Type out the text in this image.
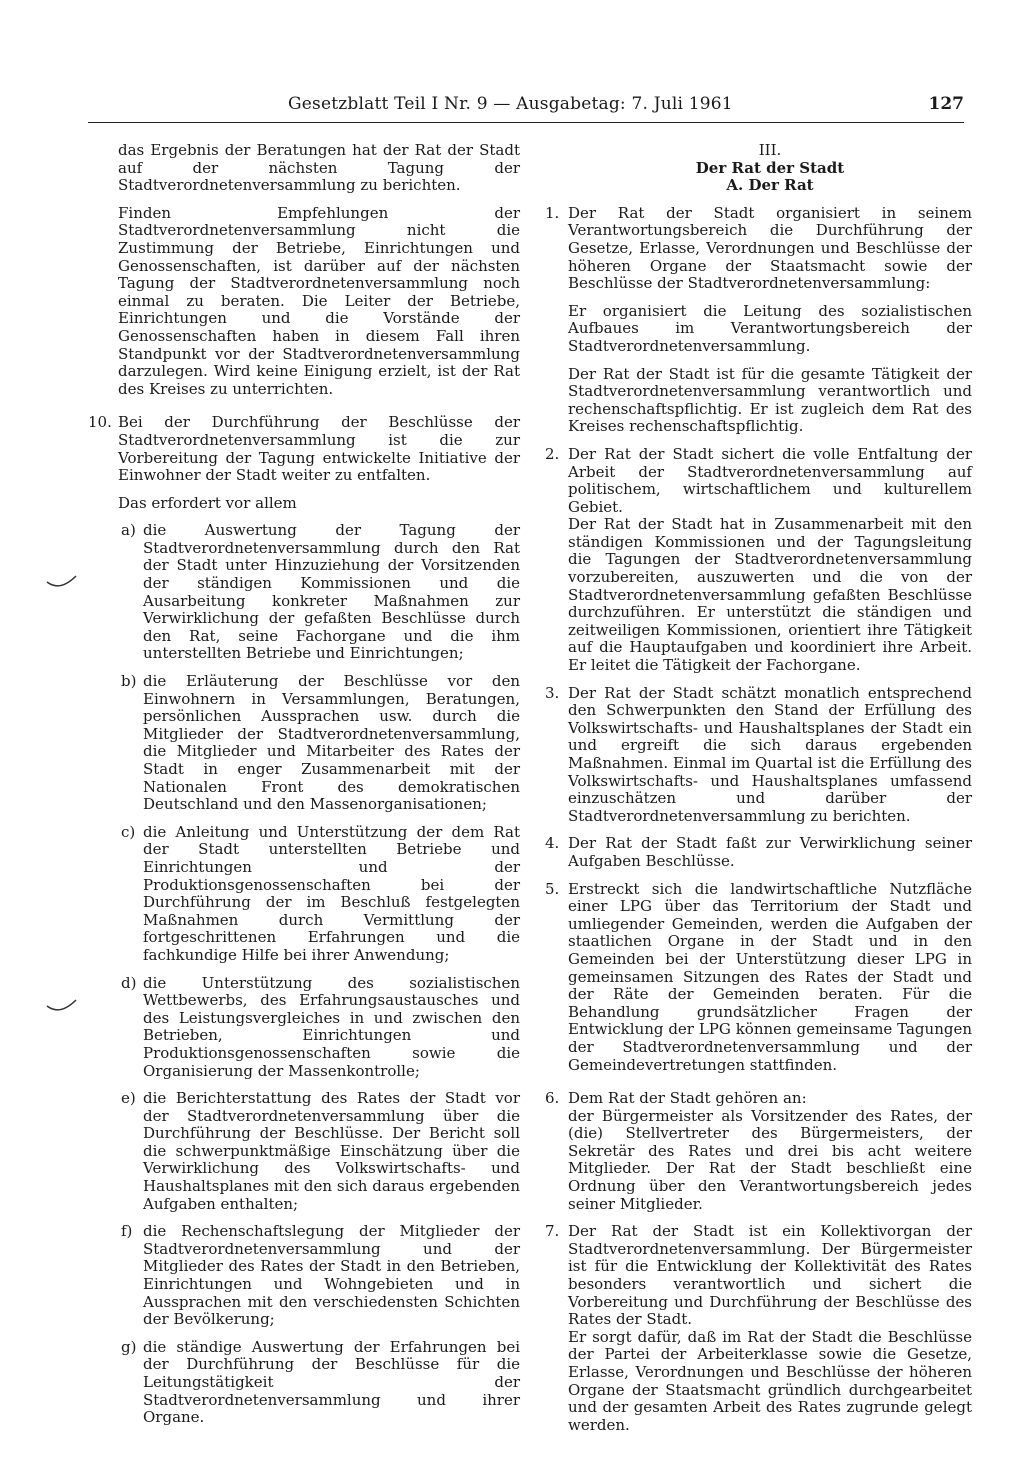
Gesetzblatt Teil I Nr. 9 — Ausgabetag: 7. Juli 1961	127

das Ergebnis der Beratungen hat der Rat der Stadt auf der nächsten Tagung der Stadtverordnetenversammlung zu berichten.

Finden Empfehlungen der Stadtverordnetenversammlung nicht die Zustimmung der Betriebe, Einrichtungen und Genossenschaften, ist darüber auf der nächsten Tagung der Stadtverordnetenversammlung noch einmal zu beraten. Die Leiter der Betriebe, Einrichtungen und die Vorstände der Genossenschaften haben in diesem Fall ihren Standpunkt vor der Stadtverordnetenversammlung darzulegen. Wird keine Einigung erzielt, ist der Rat des Kreises zu unterrichten.

10. Bei der Durchführung der Beschlüsse der Stadtverordnetenversammlung ist die zur Vorbereitung der Tagung entwickelte Initiative der Einwohner der Stadt weiter zu entfalten.

Das erfordert vor allem

a) die Auswertung der Tagung der Stadtverordnetenversammlung durch den Rat der Stadt unter Hinzuziehung der Vorsitzenden der ständigen Kommissionen und die Ausarbeitung konkreter Maßnahmen zur Verwirklichung der gefaßten Beschlüsse durch den Rat, seine Fachorgane und die ihm unterstellten Betriebe und Einrichtungen;

b) die Erläuterung der Beschlüsse vor den Einwohnern in Versammlungen, Beratungen, persönlichen Aussprachen usw. durch die Mitglieder der Stadtverordnetenversammlung, die Mitglieder und Mitarbeiter des Rates der Stadt in enger Zusammenarbeit mit der Nationalen Front des demokratischen Deutschland und den Massenorganisationen;

c) die Anleitung und Unterstützung der dem Rat der Stadt unterstellten Betriebe und Einrichtungen und der Produktionsgenossenschaften bei der Durchführung der im Beschluß festgelegten Maßnahmen durch Vermittlung der fortgeschrittenen Erfahrungen und die fachkundige Hilfe bei ihrer Anwendung;

d) die Unterstützung des sozialistischen Wettbewerbs, des Erfahrungsaustausches und des Leistungsvergleiches in und zwischen den Betrieben, Einrichtungen und Produktionsgenossenschaften sowie die Organisierung der Massenkontrolle;

e) die Berichterstattung des Rates der Stadt vor der Stadtverordnetenversammlung über die Durchführung der Beschlüsse. Der Bericht soll die schwerpunktmäßige Einschätzung über die Verwirklichung des Volkswirtschafts- und Haushaltsplanes mit den sich daraus ergebenden Aufgaben enthalten;

f) die Rechenschaftslegung der Mitglieder der Stadtverordnetenversammlung und der Mitglieder des Rates der Stadt in den Betrieben, Einrichtungen und Wohngebieten und in Aussprachen mit den verschiedensten Schichten der Bevölkerung;

g) die ständige Auswertung der Erfahrungen bei der Durchführung der Beschlüsse für die Leitungstätigkeit der Stadtverordnetenversammlung und ihrer Organe.

III.

Der Rat der Stadt

A. Der Rat

1. Der Rat der Stadt organisiert in seinem Verantwortungsbereich die Durchführung der Gesetze, Erlasse, Verordnungen und Beschlüsse der höheren Organe der Staatsmacht sowie der Beschlüsse der Stadtverordnetenversammlung:

Er organisiert die Leitung des sozialistischen Aufbaues im Verantwortungsbereich der Stadtverordnetenversammlung.

Der Rat der Stadt ist für die gesamte Tätigkeit der Stadtverordnetenversammlung verantwortlich und rechenschaftspflichtig. Er ist zugleich dem Rat des Kreises rechenschaftspflichtig.

2. Der Rat der Stadt sichert die volle Entfaltung der Arbeit der Stadtverordnetenversammlung auf politischem, wirtschaftlichem und kulturellem Gebiet.

Der Rat der Stadt hat in Zusammenarbeit mit den ständigen Kommissionen und der Tagungsleitung die Tagungen der Stadtverordnetenversammlung vorzubereiten, auszuwerten und die von der Stadtverordnetenversammlung gefaßten Beschlüsse durchzuführen. Er unterstützt die ständigen und zeitweiligen Kommissionen, orientiert ihre Tätigkeit auf die Hauptaufgaben und koordiniert ihre Arbeit. Er leitet die Tätigkeit der Fachorgane.

3. Der Rat der Stadt schätzt monatlich entsprechend den Schwerpunkten den Stand der Erfüllung des Volkswirtschafts- und Haushaltsplanes der Stadt ein und ergreift die sich daraus ergebenden Maßnahmen. Einmal im Quartal ist die Erfüllung des Volkswirtschafts- und Haushaltsplanes umfassend einzuschätzen und darüber der Stadtverordnetenversammlung zu berichten.

4. Der Rat der Stadt faßt zur Verwirklichung seiner Aufgaben Beschlüsse.

5. Erstreckt sich die landwirtschaftliche Nutzfläche einer LPG über das Territorium der Stadt und umliegender Gemeinden, werden die Aufgaben der staatlichen Organe in der Stadt und in den Gemeinden bei der Unterstützung dieser LPG in gemeinsamen Sitzungen des Rates der Stadt und der Räte der Gemeinden beraten. Für die Behandlung grundsätzlicher Fragen der Entwicklung der LPG können gemeinsame Tagungen der Stadtverordnetenversammlung und der Gemeindevertretungen stattfinden.

6. Dem Rat der Stadt gehören an:

der Bürgermeister als Vorsitzender des Rates, der (die) Stellvertreter des Bürgermeisters, der Sekretär des Rates und drei bis acht weitere Mitglieder. Der Rat der Stadt beschließt eine Ordnung über den Verantwortungsbereich jedes seiner Mitglieder.

7. Der Rat der Stadt ist ein Kollektivorgan der Stadtverordnetenversammlung. Der Bürgermeister ist für die Entwicklung der Kollektivität des Rates besonders verantwortlich und sichert die Vorbereitung und Durchführung der Beschlüsse des Rates der Stadt.

Er sorgt dafür, daß im Rat der Stadt die Beschlüsse der Partei der Arbeiterklasse sowie die Gesetze, Erlasse, Verordnungen und Beschlüsse der höheren Organe der Staatsmacht gründlich durchgearbeitet und der gesamten Arbeit des Rates zugrunde gelegt werden.
